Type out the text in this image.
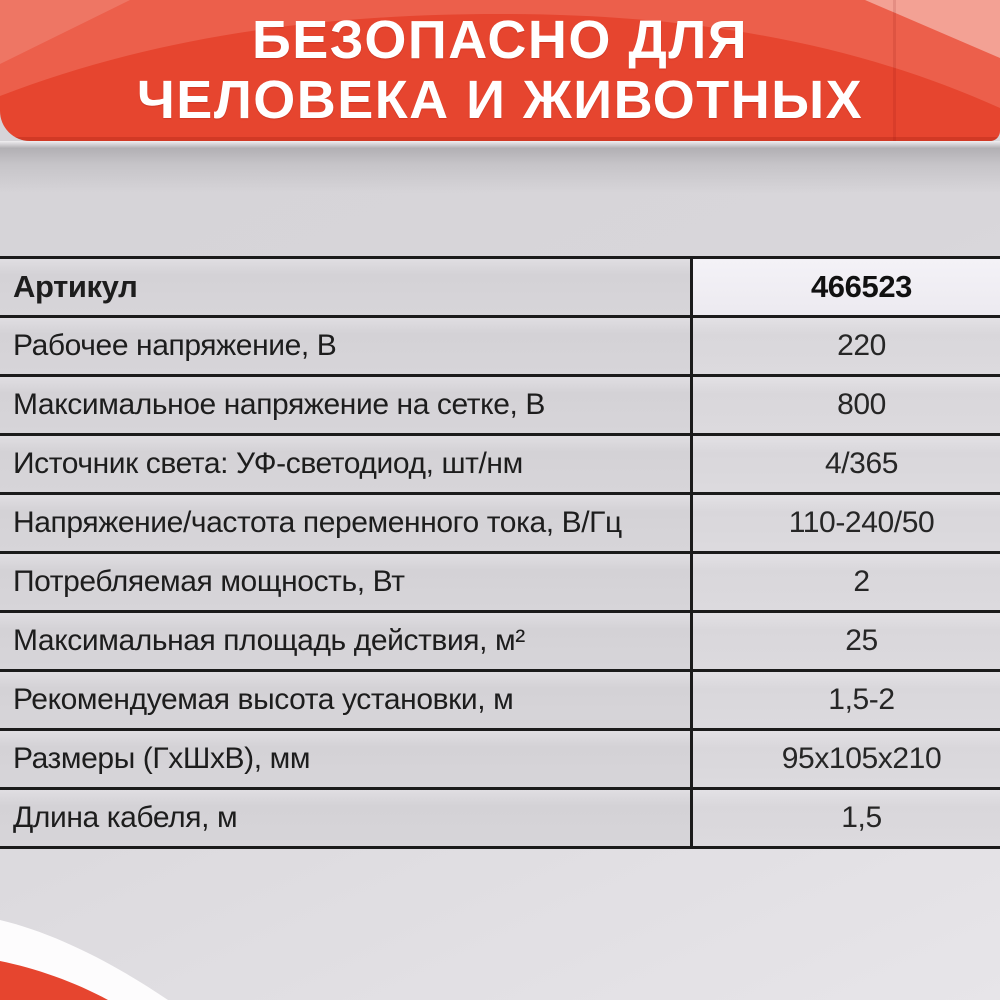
БЕЗОПАСНО ДЛЯ
ЧЕЛОВЕКА И ЖИВОТНЫХ
Артикул	466523
Рабочее напряжение, В	220
Максимальное напряжение на сетке, В	800
Источник света: УФ-светодиод, шт/нм	4/365
Напряжение/частота переменного тока, В/Гц	110-240/50
Потребляемая мощность, Вт	2
Максимальная площадь действия, м²	25
Рекомендуемая высота установки, м	1,5-2
Размеры (ГхШхВ), мм	95х105х210
Длина кабеля, м	1,5
